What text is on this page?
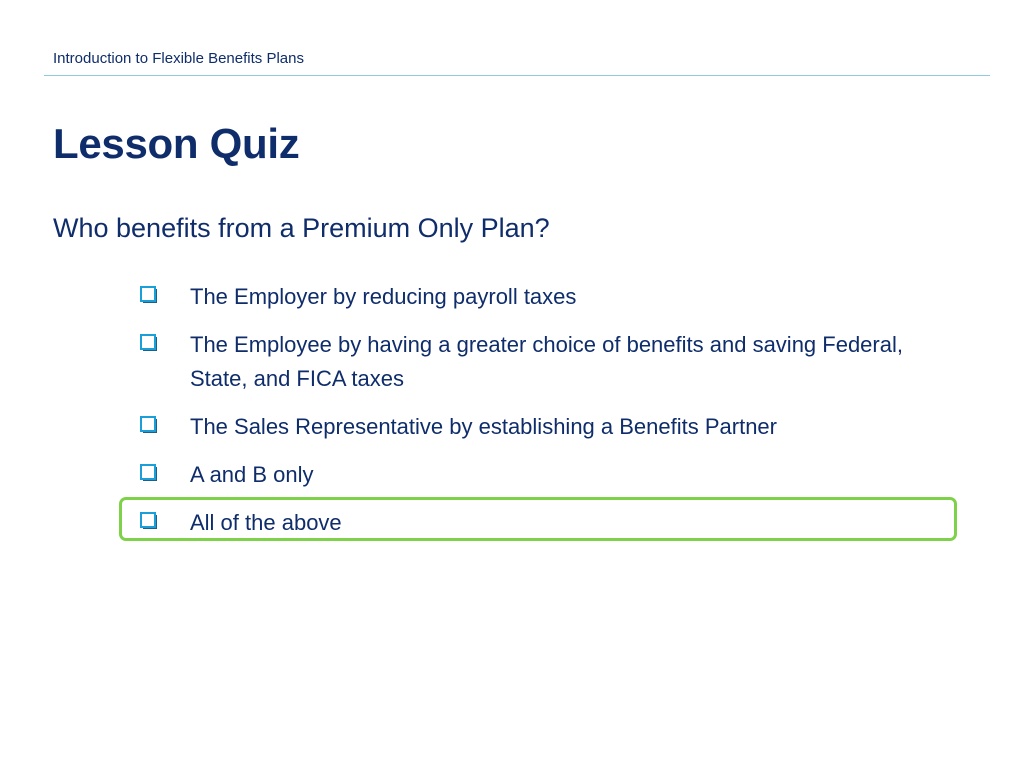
Introduction to Flexible Benefits Plans
Lesson Quiz
Who benefits from a Premium Only Plan?
The Employer by reducing payroll taxes
The Employee by having a greater choice of benefits and saving Federal, State, and FICA taxes
The Sales Representative by establishing a Benefits Partner
A and B only
All of the above
